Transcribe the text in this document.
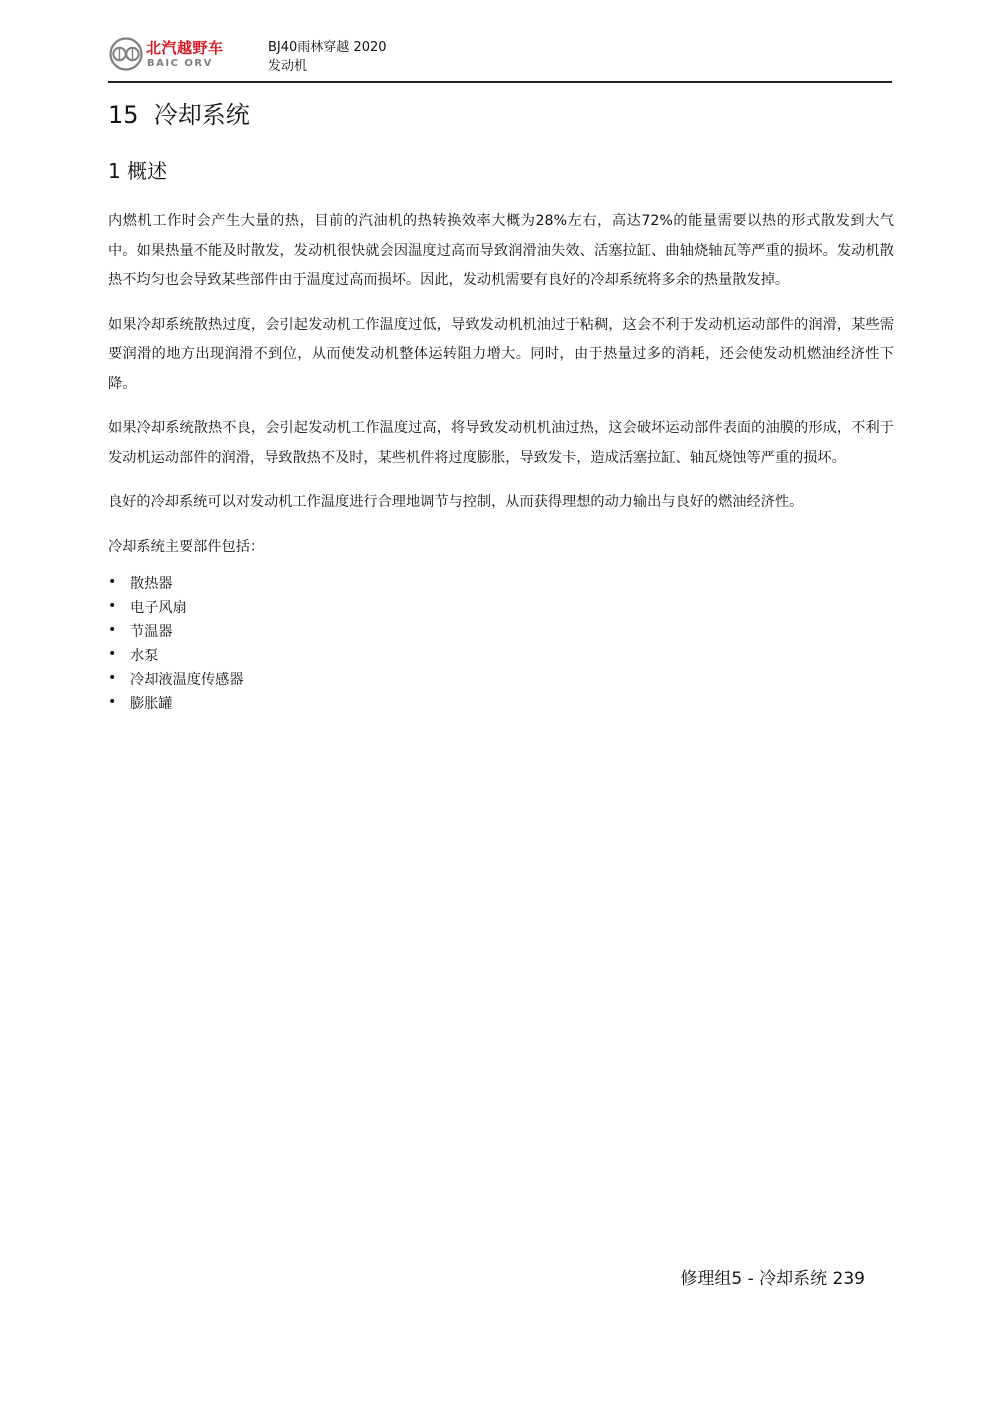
北汽越野车
BAIC ORV
BJ40雨林穿越 2020
发动机
15  冷却系统
1 概述

内燃机工作时会产生大量的热，目前的汽油机的热转换效率大概为28%左右，高达72%的能量需要以热的形式散发到大气中。如果热量不能及时散发，发动机很快就会因温度过高而导致润滑油失效、活塞拉缸、曲轴烧轴瓦等严重的损坏。发动机散热不均匀也会导致某些部件由于温度过高而损坏。因此，发动机需要有良好的冷却系统将多余的热量散发掉。

如果冷却系统散热过度，会引起发动机工作温度过低，导致发动机机油过于粘稠，这会不利于发动机运动部件的润滑，某些需要润滑的地方出现润滑不到位，从而使发动机整体运转阻力增大。同时，由于热量过多的消耗，还会使发动机燃油经济性下降。

如果冷却系统散热不良，会引起发动机工作温度过高，将导致发动机机油过热，这会破坏运动部件表面的油膜的形成，不利于发动机运动部件的润滑，导致散热不及时，某些机件将过度膨胀，导致发卡，造成活塞拉缸、轴瓦烧蚀等严重的损坏。

良好的冷却系统可以对发动机工作温度进行合理地调节与控制，从而获得理想的动力输出与良好的燃油经济性。

冷却系统主要部件包括：

• 散热器
• 电子风扇
• 节温器
• 水泵
• 冷却液温度传感器
• 膨胀罐
修理组5 - 冷却系统 239
